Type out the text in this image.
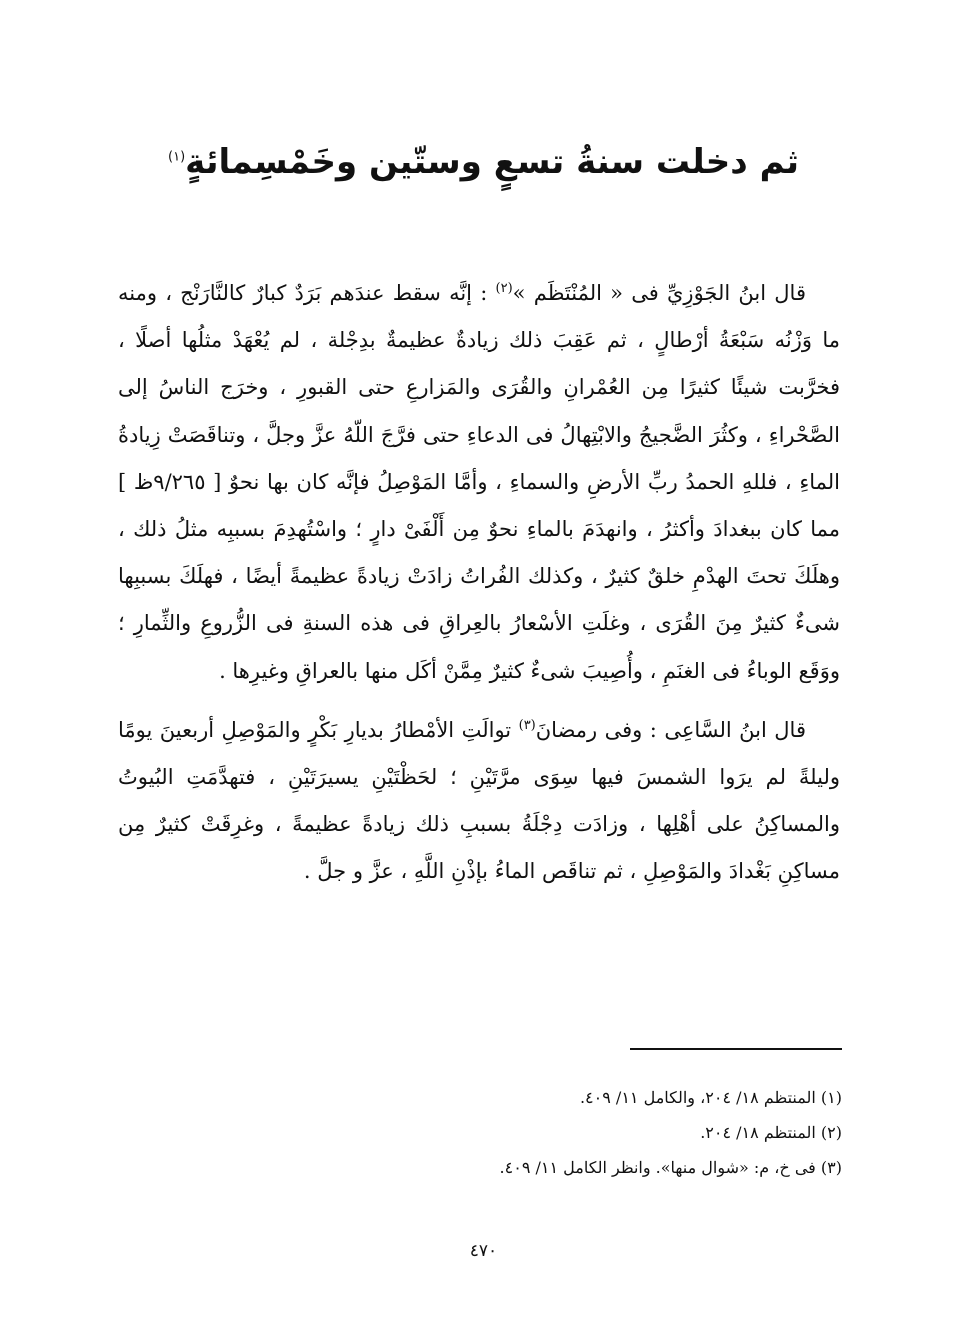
ثم دخلت سنةُ تسعٍ وستّين وخَمْسِمائةٍ$^{(١)}$

قال ابنُ الجَوْزِيِّ فى « المُنْتَظَم »$^{(٢)}$ : إنَّه سقط عندَهم بَرَدٌ كبارٌ كالنَّارَنْج ، ومنه ما وَزْنُه سَبْعَةُ أرْطالٍ ، ثم عَقِبَ ذلك زيادةٌ عظيمةٌ بدِجْلة ، لم يُعْهَدْ مثلُها أصلًا ، فخرَّبت شيئًا كثيرًا مِن العُمْرانِ والقُرَى والمَزارعِ حتى القبورِ ، وخرَج الناسُ إلى الصَّحْراءِ ، وكثُرَ الضَّجيجُ والابْتِهالُ فى الدعاءِ حتى فرَّجَ اللّهُ عزَّ وجلَّ ، وتناقَصَتْ زِيادةُ الماءِ ، فللهِ الحمدُ ربِّ الأرضِ والسماءِ ، وأمَّا المَوْصِلُ فإنَّه كان بها نحوٌ [ ٩/٢٦٥ظ ] مما كان ببغدادَ وأكثرُ ، وانهدَمَ بالماءِ نحوٌ مِن أَلْفَىْ دارٍ ؛ واسْتُهدِمَ بسببِه مثلُ ذلك ، وهلَكَ تحتَ الهدْمِ خلقٌ كثيرٌ ، وكذلك الفُراتُ زادَتْ زيادةً عظيمةً أيضًا ، فهلَكَ بسببِها شىءٌ كثيرٌ مِنَ القُرَى ، وغلَتِ الأسْعارُ بالعِراقِ فى هذه السنةِ فى الزُّروعِ والثِّمارِ ؛ ووَقَع الوباءُ فى الغنَمِ ، وأُصِيبَ شىءٌ كثيرٌ مِمَّنْ أكَل منها بالعراقِ وغيرِها .

قال ابنُ السَّاعِى : وفى رمضانَ$^{(٣)}$ توالَتِ الأمْطارُ بديارِ بَكْرٍ والمَوْصِلِ أربعينَ يومًا وليلةً لم يرَوا الشمسَ فيها سِوَى مرَّتَيْنِ ؛ لحَظْتَيْنِ يسيرَتَيْنِ ، فتهدَّمَتِ البُيوتُ والمساكِنُ على أهْلِها ، وزادَت دِجْلَةُ بسببِ ذلك زيادةً عظيمةً ، وغرِقَتْ كثيرٌ مِن مساكِنِ بَغْدادَ والمَوْصِلِ ، ثم تناقَص الماءُ بإذْنِ اللَّهِ ، عزَّ و جلَّ .

(١) المنتظم ١٨/ ٢٠٤، والكامل ١١/ ٤٠٩.
(٢) المنتظم ١٨/ ٢٠٤.
(٣) فى خ، م: «شوال منها». وانظر الكامل ١١/ ٤٠٩.
٤٧٠
